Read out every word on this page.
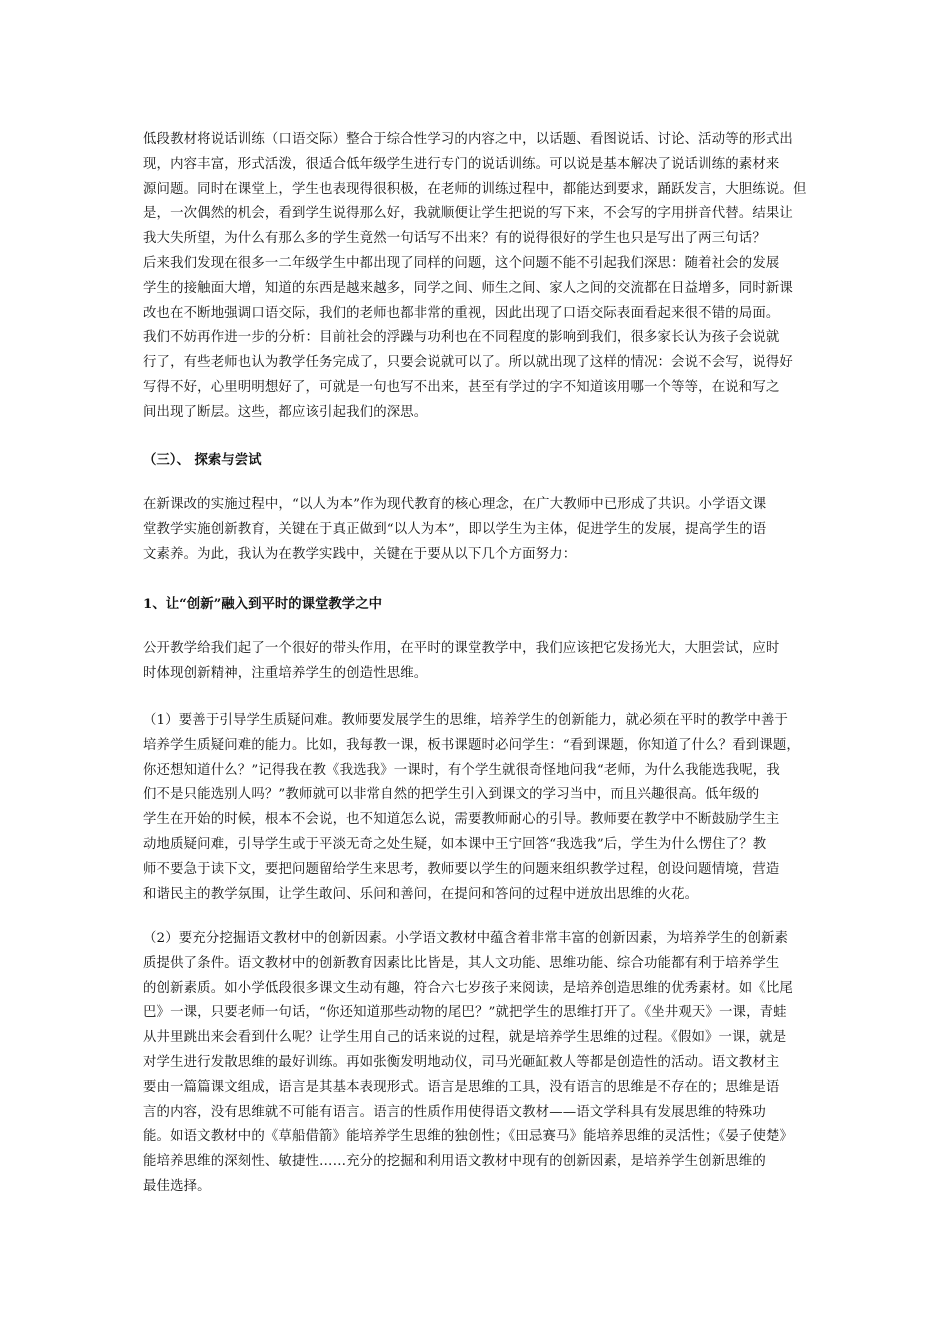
低段教材将说话训练（口语交际）整合于综合性学习的内容之中，以话题、看图说话、讨论、活动等的形式出
现，内容丰富，形式活泼，很适合低年级学生进行专门的说话训练。可以说是基本解决了说话训练的素材来
源问题。同时在课堂上，学生也表现得很积极，在老师的训练过程中，都能达到要求，踊跃发言，大胆练说。但
是，一次偶然的机会，看到学生说得那么好，我就顺便让学生把说的写下来，不会写的字用拼音代替。结果让
我大失所望，为什么有那么多的学生竟然一句话写不出来？有的说得很好的学生也只是写出了两三句话？
后来我们发现在很多一二年级学生中都出现了同样的问题，这个问题不能不引起我们深思：随着社会的发展
学生的接触面大增，知道的东西是越来越多，同学之间、师生之间、家人之间的交流都在日益增多，同时新课
改也在不断地强调口语交际，我们的老师也都非常的重视，因此出现了口语交际表面看起来很不错的局面。
我们不妨再作进一步的分析：目前社会的浮躁与功利也在不同程度的影响到我们，很多家长认为孩子会说就
行了，有些老师也认为教学任务完成了，只要会说就可以了。所以就出现了这样的情况：会说不会写，说得好
写得不好，心里明明想好了，可就是一句也写不出来，甚至有学过的字不知道该用哪一个等等，在说和写之
间出现了断层。这些，都应该引起我们的深思。
（三）、 探索与尝试
在新课改的实施过程中，“以人为本”作为现代教育的核心理念，在广大教师中已形成了共识。小学语文课
堂教学实施创新教育，关键在于真正做到“以人为本”，即以学生为主体，促进学生的发展，提高学生的语
文素养。为此，我认为在教学实践中，关键在于要从以下几个方面努力：
1、让“创新”融入到平时的课堂教学之中
公开教学给我们起了一个很好的带头作用，在平时的课堂教学中，我们应该把它发扬光大，大胆尝试，应时
时体现创新精神，注重培养学生的创造性思维。
（1）要善于引导学生质疑问难。教师要发展学生的思维，培养学生的创新能力，就必须在平时的教学中善于
培养学生质疑问难的能力。比如，我每教一课，板书课题时必问学生：“看到课题，你知道了什么？看到课题，
你还想知道什么？”记得我在教《我选我》一课时，有个学生就很奇怪地问我“老师，为什么我能选我呢，我
们不是只能选别人吗？”教师就可以非常自然的把学生引入到课文的学习当中，而且兴趣很高。低年级的
学生在开始的时候，根本不会说，也不知道怎么说，需要教师耐心的引导。教师要在教学中不断鼓励学生主
动地质疑问难，引导学生或于平淡无奇之处生疑，如本课中王宁回答“我选我”后，学生为什么愣住了？教
师不要急于读下文，要把问题留给学生来思考，教师要以学生的问题来组织教学过程，创设问题情境，营造
和谐民主的教学氛围，让学生敢问、乐问和善问，在提问和答问的过程中迸放出思维的火花。
（2）要充分挖掘语文教材中的创新因素。小学语文教材中蕴含着非常丰富的创新因素，为培养学生的创新素
质提供了条件。语文教材中的创新教育因素比比皆是，其人文功能、思维功能、综合功能都有利于培养学生
的创新素质。如小学低段很多课文生动有趣，符合六七岁孩子来阅读，是培养创造思维的优秀素材。如《比尾
巴》一课，只要老师一句话，“你还知道那些动物的尾巴？”就把学生的思维打开了。《坐井观天》一课，青蛙
从井里跳出来会看到什么呢？让学生用自己的话来说的过程，就是培养学生思维的过程。《假如》一课，就是
对学生进行发散思维的最好训练。再如张衡发明地动仪，司马光砸缸救人等都是创造性的活动。语文教材主
要由一篇篇课文组成，语言是其基本表现形式。语言是思维的工具，没有语言的思维是不存在的；思维是语
言的内容，没有思维就不可能有语言。语言的性质作用使得语文教材——语文学科具有发展思维的特殊功
能。如语文教材中的《草船借箭》能培养学生思维的独创性；《田忌赛马》能培养思维的灵活性；《晏子使楚》
能培养思维的深刻性、敏捷性……充分的挖掘和利用语文教材中现有的创新因素，是培养学生创新思维的
最佳选择。
